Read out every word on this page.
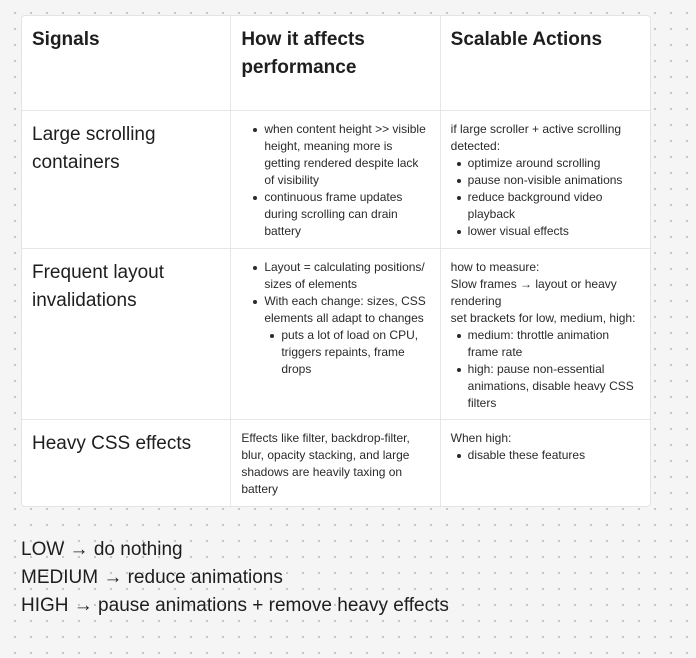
Signals	How it affects performance
Scalable Actions
Large scrolling containers
when content height >> visible height, meaning more is getting rendered despite lack of visibility
continuous frame updates during scrolling can drain battery
if large scroller + active scrolling detected:
optimize around scrolling
pause non-visible animations
reduce background video playback
lower visual effects
Frequent layout invalidations
Layout = calculating positions/ sizes of elements
With each change: sizes, CSS elements all adapt to changes
puts a lot of load on CPU, triggers repaints, frame drops
how to measure:
Slow frames → layout or heavy rendering
set brackets for low, medium, high:
medium: throttle animation frame rate
high: pause non-essential animations, disable heavy CSS filters
Heavy CSS effects	Effects like filter, backdrop-filter, blur, opacity stacking, and large shadows are heavily taxing on battery
When high:
disable these features
LOW → do nothing
MEDIUM → reduce animations
HIGH → pause animations + remove heavy effects
